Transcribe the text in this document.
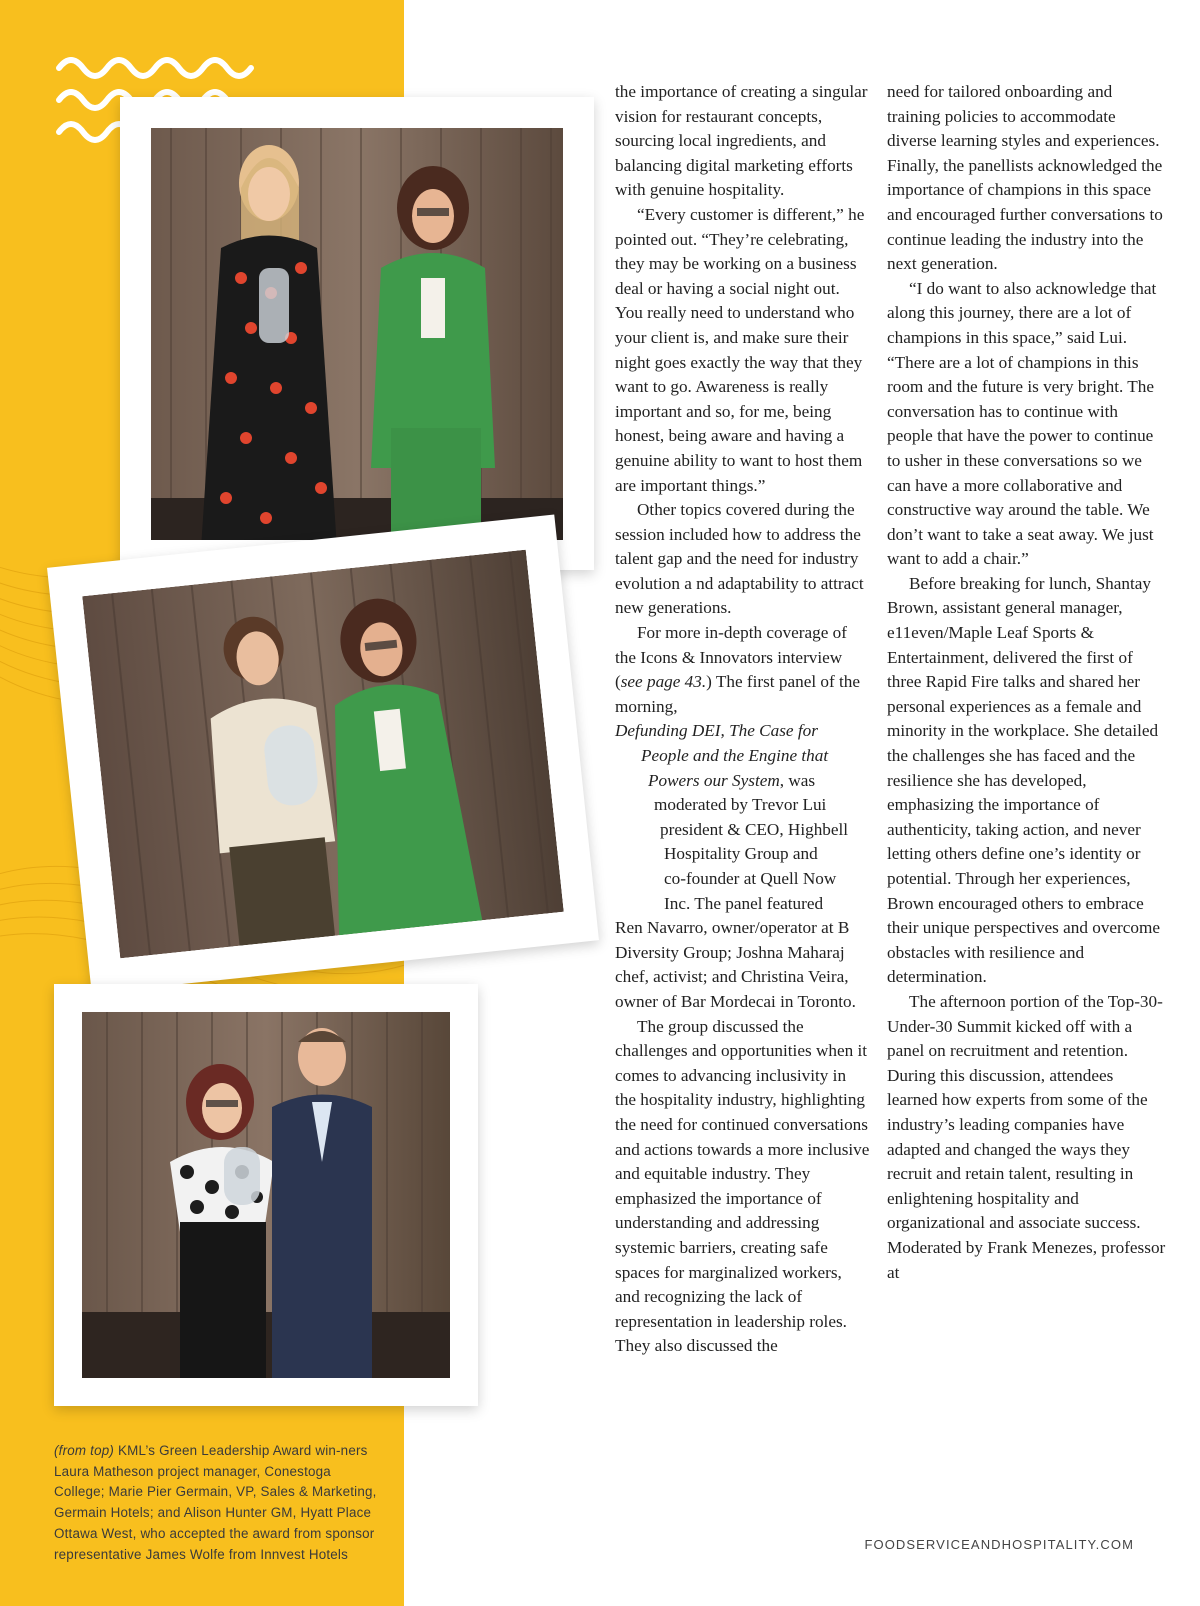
(from top) KML’s Green Leadership Award win-ners Laura Matheson project manager, Conestoga College; Marie Pier Germain, VP, Sales & Marketing, Germain Hotels; and Alison Hunter GM, Hyatt Place Ottawa West, who accepted the award from sponsor representative James Wolfe from Innvest Hotels

the importance of creating a singular vision for restaurant concepts, sourcing local ingredients, and balancing digital marketing efforts with genuine hospitality.

“Every customer is different,” he pointed out. “They’re celebrating, they may be working on a business deal or having a social night out. You really need to understand who your client is, and make sure their night goes exactly the way that they want to go. Awareness is really important and so, for me, being honest, being aware and having a genuine ability to want to host them are important things.”

Other topics covered during the session included how to address the talent gap and the need for industry evolution a nd adaptability to attract new generations.

For more in-depth coverage of the Icons & Innovators interview (see page 43.) The first panel of the morning,
Defunding DEI, The Case for
People and the Engine that
Powers our System, was
moderated by Trevor Lui
president & CEO, Highbell
Hospitality Group and
co-founder at Quell Now
Inc. The panel featured
Ren Navarro, owner/operator at B Diversity Group; Joshna Maharaj chef, activist; and Christina Veira, owner of Bar Mordecai in Toronto.

The group discussed the challenges and opportunities when it comes to advancing inclusivity in the hospitality industry, highlighting the need for continued conversations and actions towards a more inclusive and equitable industry. They emphasized the importance of understanding and addressing systemic barriers, creating safe spaces for marginalized workers, and recognizing the lack of representation in leadership roles. They also discussed the

need for tailored onboarding and training policies to accommodate diverse learning styles and experiences. Finally, the panellists acknowledged the importance of champions in this space and encouraged further conversations to continue leading the industry into the next generation.

“I do want to also acknowledge that along this journey, there are a lot of champions in this space,” said Lui. “There are a lot of champions in this room and the future is very bright. The conversation has to continue with people that have the power to continue to usher in these conversations so we can have a more collaborative and constructive way around the table. We don’t want to take a seat away. We just want to add a chair.”

Before breaking for lunch, Shantay Brown, assistant general manager, e11even/Maple Leaf Sports & Entertainment, delivered the first of three Rapid Fire talks and shared her personal experiences as a female and minority in the workplace. She detailed the challenges she has faced and the resilience she has developed, emphasizing the importance of authenticity, taking action, and never letting others define one’s identity or potential. Through her experiences, Brown encouraged others to embrace their unique perspectives and overcome obstacles with resilience and determination.

The afternoon portion of the Top-30-Under-30 Summit kicked off with a panel on recruitment and retention. During this discussion, attendees learned how experts from some of the industry’s leading companies have adapted and changed the ways they recruit and retain talent, resulting in enlightening hospitality and organizational and associate success. Moderated by Frank Menezes, professor at

FOODSERVICEANDHOSPITALITY.COM
